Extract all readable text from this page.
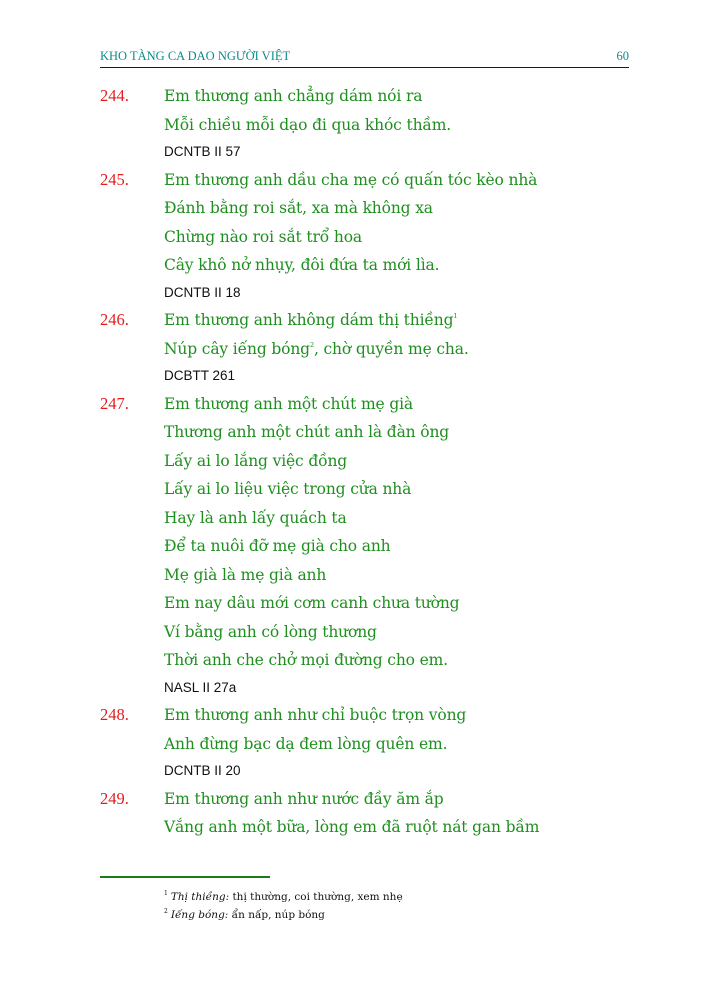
KHO TÀNG CA DAO NGƯỜI VIỆT	60
244. Em thương anh chẳng dám nói ra
Mỗi chiều mỗi dạo đi qua khóc thầm.
DCNTB II 57
245. Em thương anh dầu cha mẹ có quấn tóc kèo nhà
Đánh bằng roi sắt, xa mà không xa
Chừng nào roi sắt trổ hoa
Cây khô nở nhụy, đôi đứa ta mới lìa.
DCNTB II 18
246. Em thương anh không dám thị thiềng$^1$
Núp cây iếng bóng$^2$, chờ quyền mẹ cha.
DCBTT 261
247. Em thương anh một chút mẹ già
Thương anh một chút anh là đàn ông
Lấy ai lo lắng việc đồng
Lấy ai lo liệu việc trong cửa nhà
Hay là anh lấy quách ta
Để ta nuôi đỡ mẹ già cho anh
Mẹ già là mẹ già anh
Em nay dâu mới cơm canh chưa tường
Ví bằng anh có lòng thương
Thời anh che chở mọi đường cho em.
NASL II 27a
248. Em thương anh như chỉ buộc trọn vòng
Anh đừng bạc dạ đem lòng quên em.
DCNTB II 20
249. Em thương anh như nước đầy ăm ắp
Vắng anh một bữa, lòng em đã ruột nát gan bầm
$^1$ Thị thiềng: thị thường, coi thường, xem nhẹ
$^2$ Iếng bóng: ẩn nấp, núp bóng
